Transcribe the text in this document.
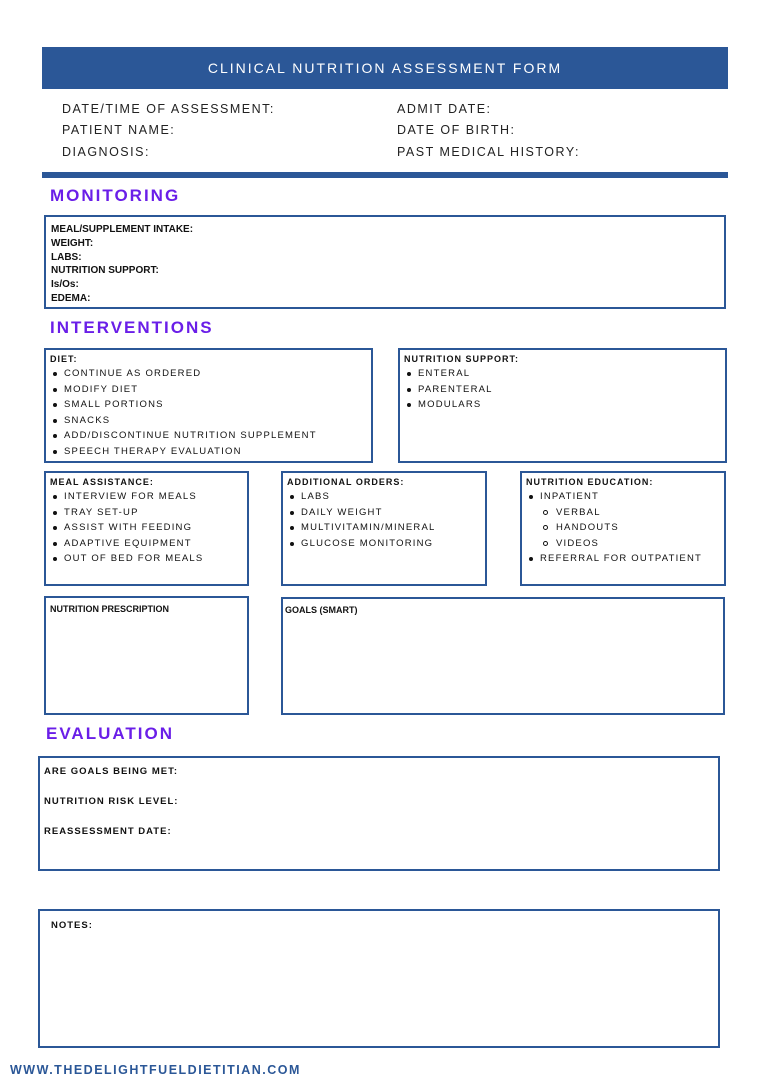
CLINICAL NUTRITION ASSESSMENT FORM
DATE/TIME OF ASSESSMENT:
PATIENT NAME:
DIAGNOSIS:
ADMIT DATE:
DATE OF BIRTH:
PAST MEDICAL HISTORY:
MONITORING
MEAL/SUPPLEMENT INTAKE:
WEIGHT:
LABS:
NUTRITION SUPPORT:
Is/Os:
EDEMA:
INTERVENTIONS
DIET:
CONTINUE AS ORDERED
MODIFY DIET
SMALL PORTIONS
SNACKS
ADD/DISCONTINUE NUTRITION SUPPLEMENT
SPEECH THERAPY EVALUATION
NUTRITION SUPPORT:
ENTERAL
PARENTERAL
MODULARS
MEAL ASSISTANCE:
INTERVIEW FOR MEALS
TRAY SET-UP
ASSIST WITH FEEDING
ADAPTIVE EQUIPMENT
OUT OF BED FOR MEALS
ADDITIONAL ORDERS:
LABS
DAILY WEIGHT
MULTIVITAMIN/MINERAL
GLUCOSE MONITORING
NUTRITION EDUCATION:
INPATIENT
VERBAL
HANDOUTS
VIDEOS
REFERRAL FOR OUTPATIENT
NUTRITION PRESCRIPTION	GOALS (SMART)
EVALUATION
ARE GOALS BEING MET:
NUTRITION RISK LEVEL:
REASSESSMENT DATE:
NOTES:
WWW.THEDELIGHTFUELDIETITIAN.COM
